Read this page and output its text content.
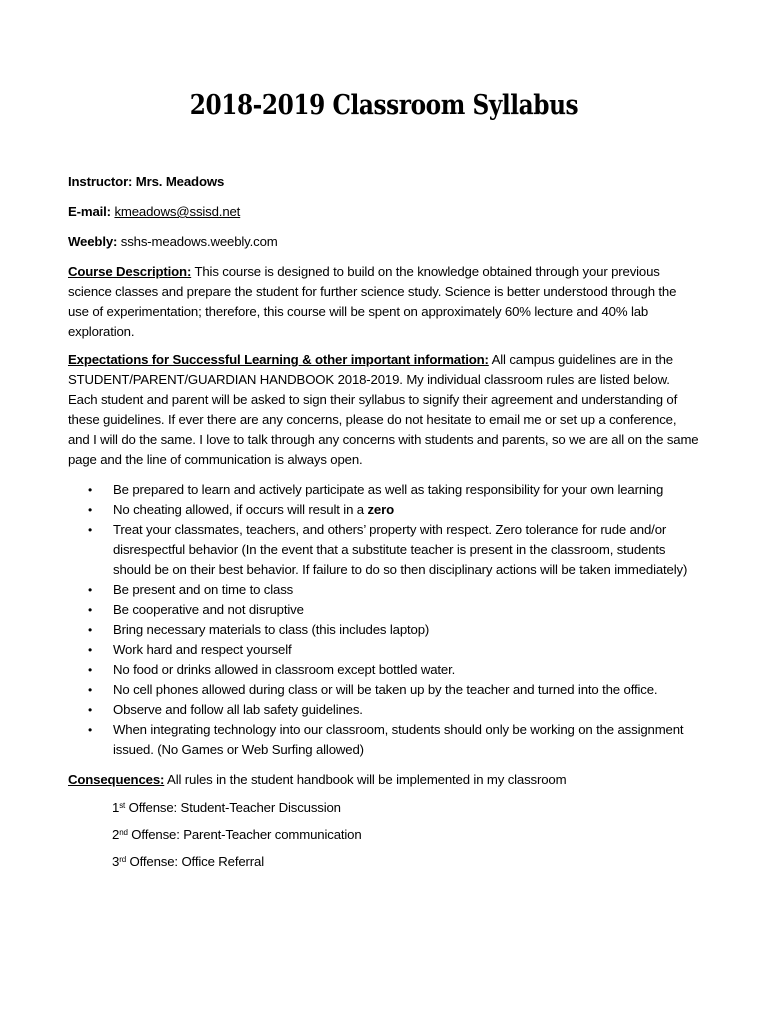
2018-2019 Classroom Syllabus

Instructor: Mrs. Meadows

E-mail: kmeadows@ssisd.net

Weebly: sshs-meadows.weebly.com

Course Description: This course is designed to build on the knowledge obtained through your previous science classes and prepare the student for further science study. Science is better understood through the use of experimentation; therefore, this course will be spent on approximately 60% lecture and 40% lab exploration.

Expectations for Successful Learning & other important information: All campus guidelines are in the STUDENT/PARENT/GUARDIAN HANDBOOK 2018-2019. My individual classroom rules are listed below. Each student and parent will be asked to sign their syllabus to signify their agreement and understanding of these guidelines. If ever there are any concerns, please do not hesitate to email me or set up a conference, and I will do the same. I love to talk through any concerns with students and parents, so we are all on the same page and the line of communication is always open.

• Be prepared to learn and actively participate as well as taking responsibility for your own learning
• No cheating allowed, if occurs will result in a zero
• Treat your classmates, teachers, and others’ property with respect. Zero tolerance for rude and/or disrespectful behavior (In the event that a substitute teacher is present in the classroom, students should be on their best behavior. If failure to do so then disciplinary actions will be taken immediately)
• Be present and on time to class
• Be cooperative and not disruptive
• Bring necessary materials to class (this includes laptop)
• Work hard and respect yourself
• No food or drinks allowed in classroom except bottled water.
• No cell phones allowed during class or will be taken up by the teacher and turned into the office.
• Observe and follow all lab safety guidelines.
• When integrating technology into our classroom, students should only be working on the assignment issued. (No Games or Web Surfing allowed)

Consequences: All rules in the student handbook will be implemented in my classroom

1st Offense: Student-Teacher Discussion

2nd Offense: Parent-Teacher communication

3rd Offense: Office Referral
